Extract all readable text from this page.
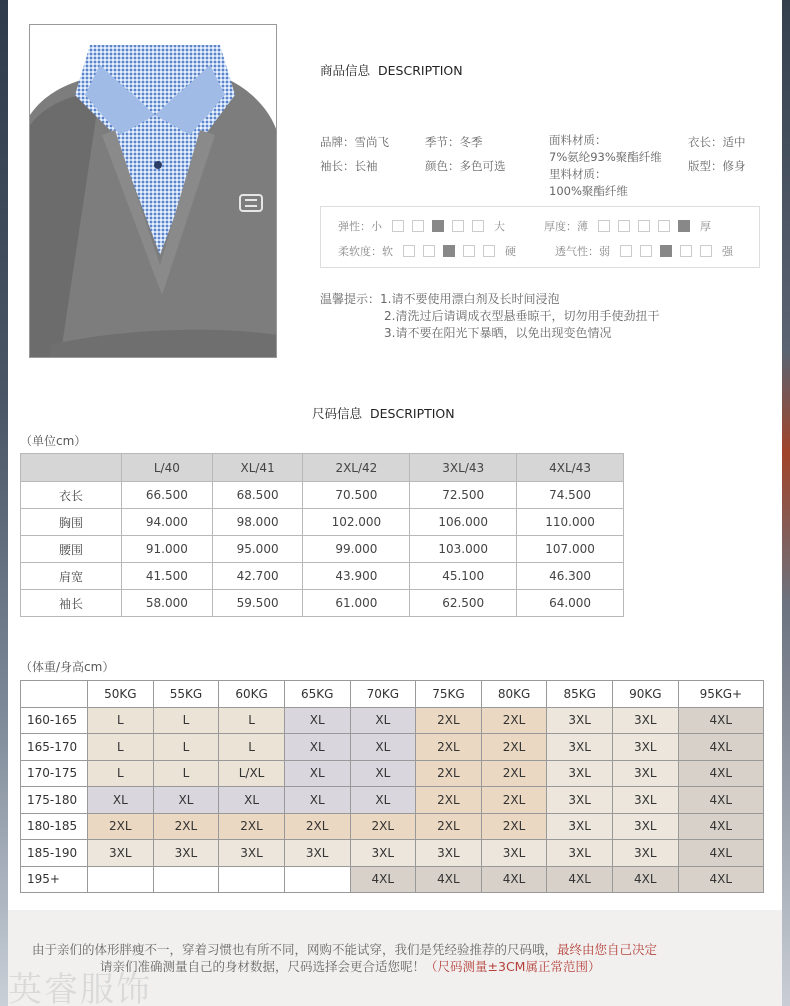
商品信息 DESCRIPTION
品牌：雪尚飞
袖长：长袖
季节：冬季
颜色：多色可选
面料材质：
7%氨纶93%聚酯纤维
里料材质：
100%聚酯纤维
衣长：适中
版型：修身
弹性：小	大	厚度：薄	厚
柔软度：软	硬	透气性：弱	强
温馨提示：1.请不要使用漂白剂及长时间浸泡
2.清洗过后请调成衣型悬垂晾干，切勿用手使劲扭干
3.请不要在阳光下暴晒，以免出现变色情况
尺码信息 DESCRIPTION
（单位cm）
	L/40	XL/41	2XL/42	3XL/43	4XL/43
衣长	66.500	68.500	70.500	72.500	74.500
胸围	94.000	98.000	102.000	106.000	110.000
腰围	91.000	95.000	99.000	103.000	107.000
肩宽	41.500	42.700	43.900	45.100	46.300
袖长	58.000	59.500	61.000	62.500	64.000
（体重/身高cm）
	50KG	55KG	60KG	65KG	70KG	75KG	80KG	85KG	90KG	95KG+
160-165	L	L	L	XL	XL	2XL	2XL	3XL	3XL	4XL
165-170	L	L	L	XL	XL	2XL	2XL	3XL	3XL	4XL
170-175	L	L	L/XL	XL	XL	2XL	2XL	3XL	3XL	4XL
175-180	XL	XL	XL	XL	XL	2XL	2XL	3XL	3XL	4XL
180-185	2XL	2XL	2XL	2XL	2XL	2XL	2XL	3XL	3XL	4XL
185-190	3XL	3XL	3XL	3XL	3XL	3XL	3XL	3XL	3XL	4XL
195+					4XL	4XL	4XL	4XL	4XL	4XL
由于亲们的体形胖瘦不一，穿着习惯也有所不同，网购不能试穿，我们是凭经验推荐的尺码哦，最终由您自己决定
请亲们准确测量自己的身材数据，尺码选择会更合适您呢！（尺码测量±3CM属正常范围）
英睿服饰
